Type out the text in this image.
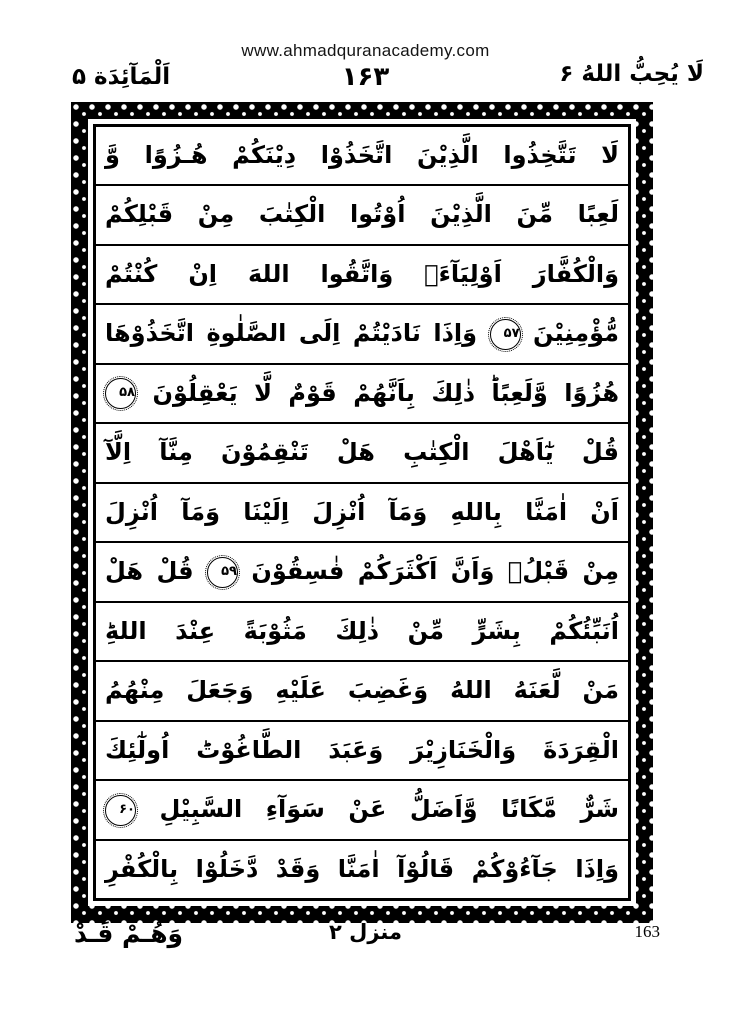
www.ahmadquranacademy.com
اَلْمَآئِدَة ۵	۱۶۳	لَا يُحِبُّ اللهُ ۶
لَا تَتَّخِذُوا الَّذِيْنَ اتَّخَذُوْا دِيْنَكُمْ هُـزُوًا وَّ
لَعِبًا مِّنَ الَّذِيْنَ اُوْتُوا الْكِتٰبَ مِنْ قَبْلِكُمْ
وَالْكُفَّارَ اَوْلِيَآءَۚ وَاتَّقُوا اللهَ اِنْ كُنْتُمْ
مُّؤْمِنِيْنَ ۵۷ وَاِذَا نَادَيْتُمْ اِلَى الصَّلٰوةِ اتَّخَذُوْهَا
هُزُوًا وَّلَعِبًاؕ ذٰلِكَ بِاَنَّهُمْ قَوْمٌ لَّا يَعْقِلُوْنَ ۵۸
قُلْ يٰٓاَهْلَ الْكِتٰبِ هَلْ تَنْقِمُوْنَ مِنَّآ اِلَّآ
اَنْ اٰمَنَّا بِاللهِ وَمَآ اُنْزِلَ اِلَيْنَا وَمَآ اُنْزِلَ
مِنْ قَبْلُۙ وَاَنَّ اَكْثَرَكُمْ فٰسِقُوْنَ ۵۹ قُلْ هَلْ
اُنَبِّئُكُمْ بِشَرٍّ مِّنْ ذٰلِكَ مَثُوْبَةً عِنْدَ اللهِؕ
مَنْ لَّعَنَهُ اللهُ وَغَضِبَ عَلَيْهِ وَجَعَلَ مِنْهُمُ
الْقِرَدَةَ وَالْخَنَازِيْرَ وَعَبَدَ الطَّاغُوْتَؕ اُولٰٓئِكَ
شَرٌّ مَّكَانًا وَّاَضَلُّ عَنْ سَوَآءِ السَّبِيْلِ ۶۰
وَاِذَا جَآءُوْكُمْ قَالُوْآ اٰمَنَّا وَقَدْ دَّخَلُوْا بِالْكُفْرِ
وَهُـمْ قَـدْ	منزل ۲	163
